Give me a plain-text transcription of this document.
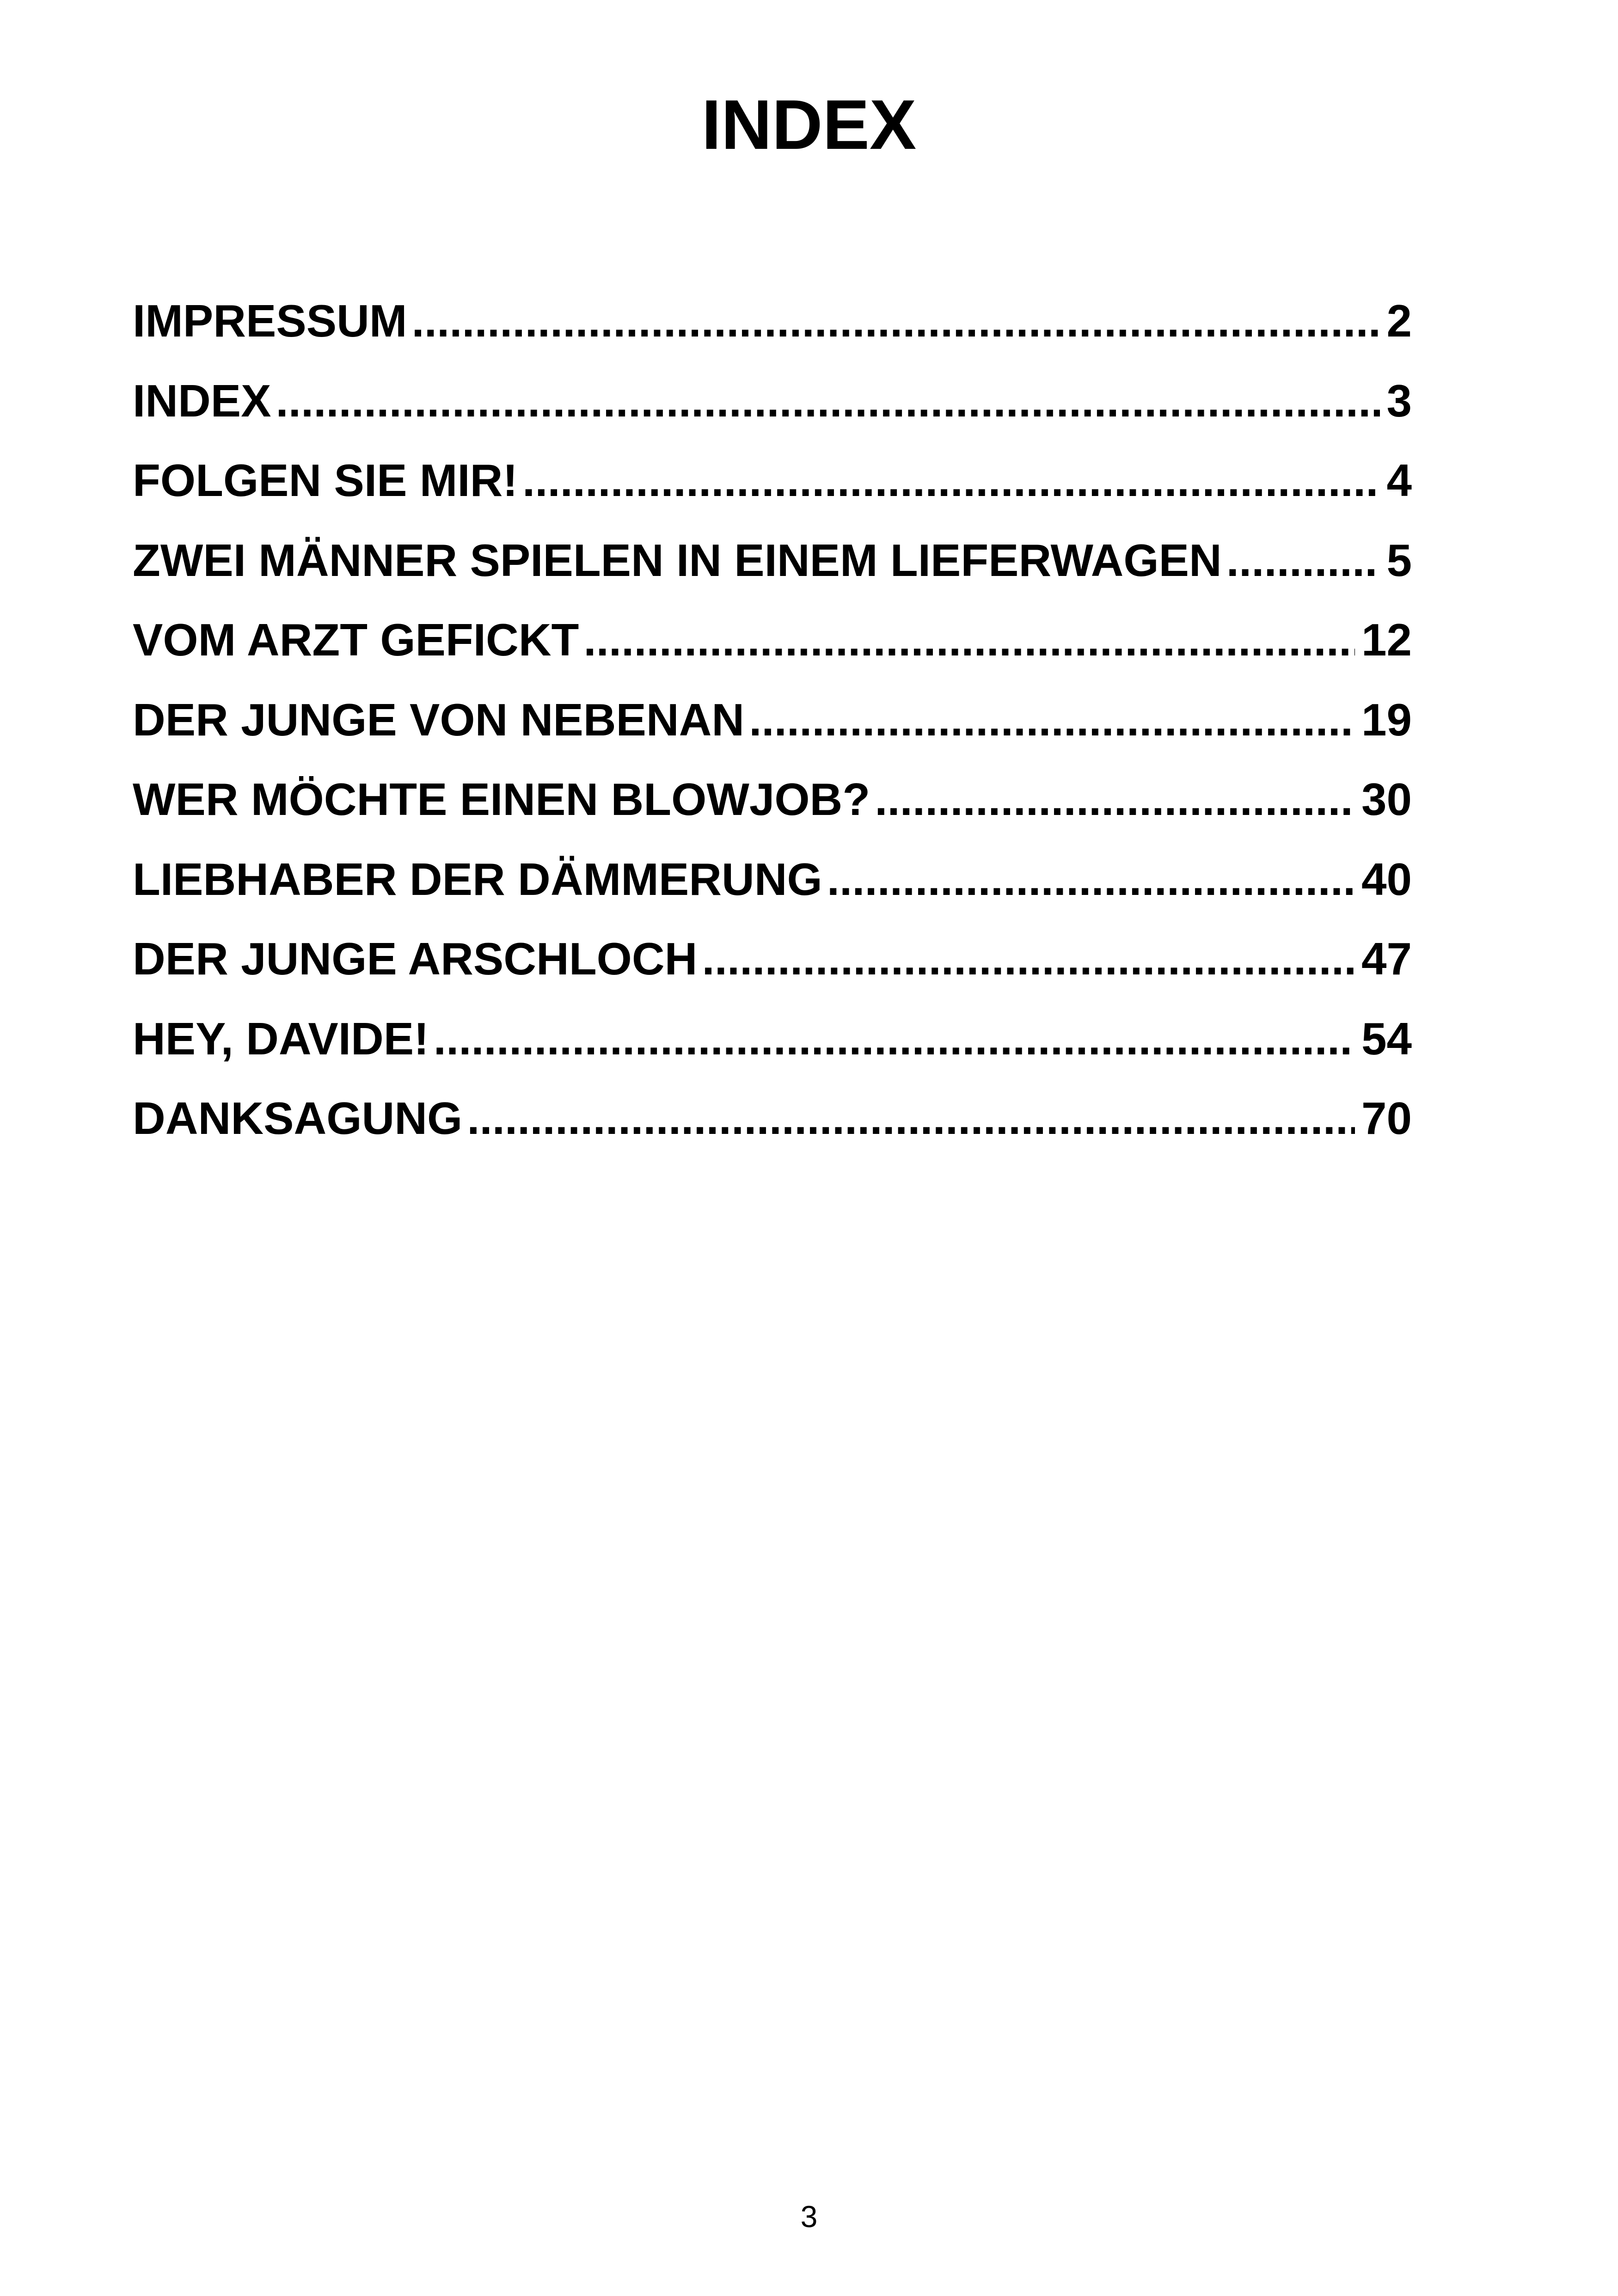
INDEX
IMPRESSUM .....	2
INDEX .....	3
FOLGEN SIE MIR! .....	4
ZWEI MÄNNER SPIELEN IN EINEM LIEFERWAGEN .....	5
VOM ARZT GEFICKT .....	12
DER JUNGE VON NEBENAN .....	19
WER MÖCHTE EINEN BLOWJOB? .....	30
LIEBHABER DER DÄMMERUNG .....	40
DER JUNGE ARSCHLOCH .....	47
HEY, DAVIDE! .....	54
DANKSAGUNG .....	70

3
